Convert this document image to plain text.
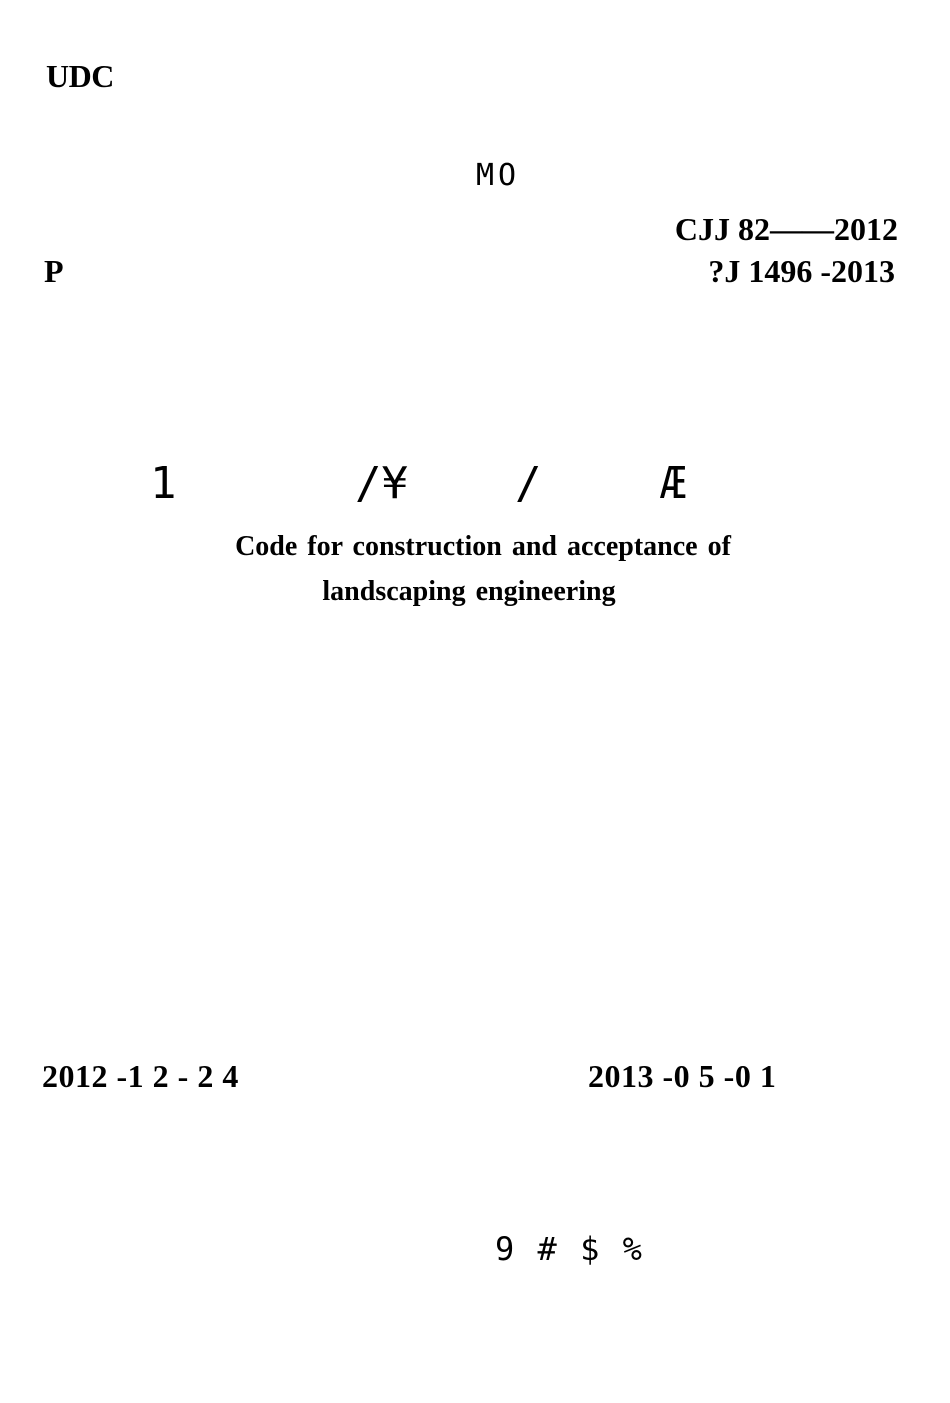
UDC
MO
CJJ 82——2012
P	?J 1496 -2013
1	/¥ /	Æ
Code for construction and acceptance of
landscaping engineering
2012 -1 2 - 2 4	2013 -0 5 -0 1
9 # $ %
